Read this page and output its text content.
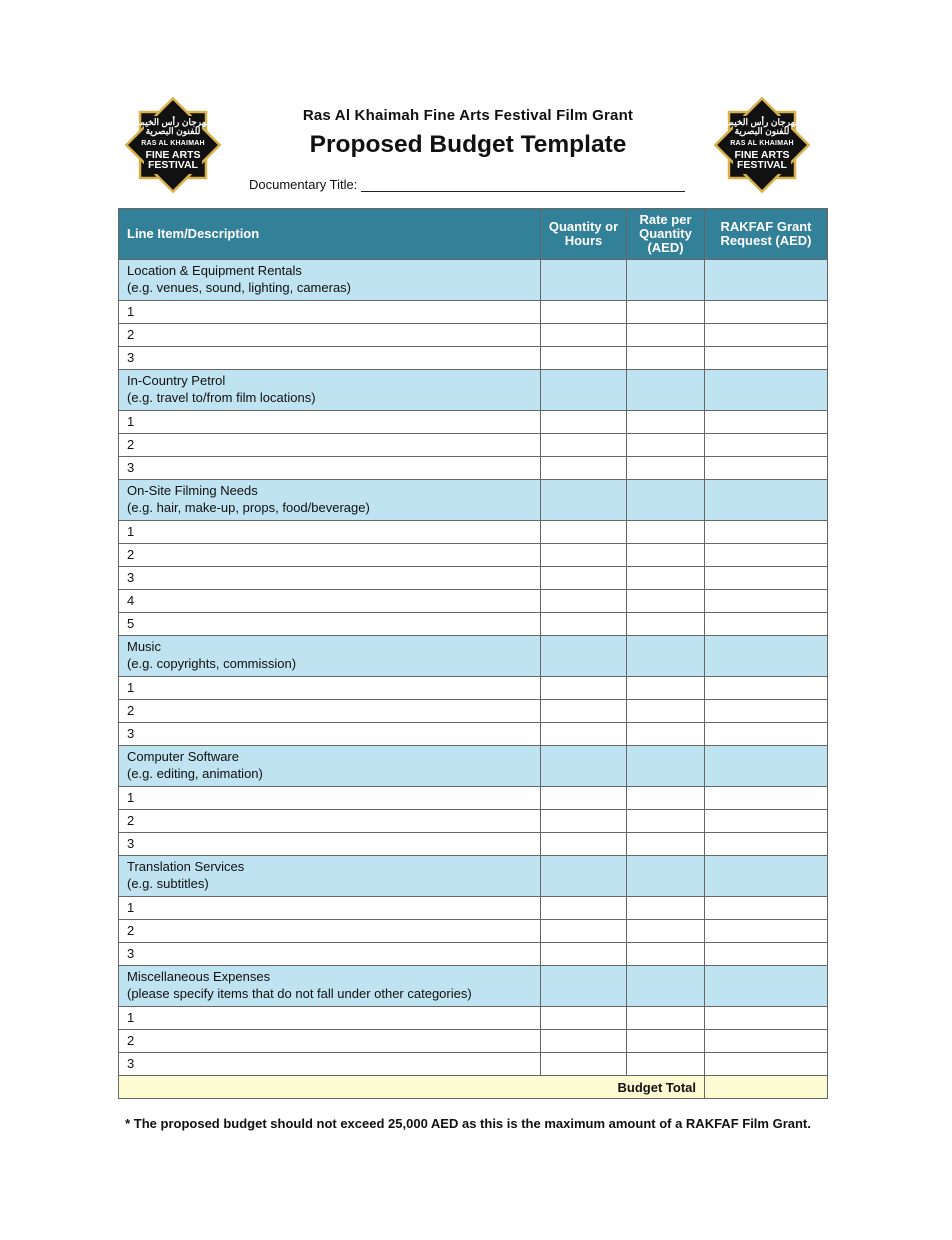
مهرجان رأس الخيمة
للفنون البصرية
RAS AL KHAIMAH
FINE ARTS
FESTIVAL
مهرجان رأس الخيمة
للفنون البصرية
RAS AL KHAIMAH
FINE ARTS
FESTIVAL
Ras Al Khaimah Fine Arts Festival Film Grant
Proposed Budget Template
Documentary Title:
Line Item/Description	Quantity or Hours	Rate per Quantity (AED)	RAKFAF Grant Request (AED)

Location & Equipment Rentals
(e.g. venues, sound, lighting, cameras)			

1			
2			
3			

In-Country Petrol
(e.g. travel to/from film locations)			

1			
2			
3			

On-Site Filming Needs
(e.g. hair, make-up, props, food/beverage)			

1			
2			
3			
4			
5			

Music
(e.g. copyrights, commission)			

1			
2			
3			

Computer Software
(e.g. editing, animation)			

1			
2			
3			

Translation Services
(e.g. subtitles)			

1			
2			
3			

Miscellaneous Expenses
(please specify items that do not fall under other categories)			

1			
2			
3			
Budget Total			
* The proposed budget should not exceed 25,000 AED as this is the maximum amount of a RAKFAF Film Grant.
